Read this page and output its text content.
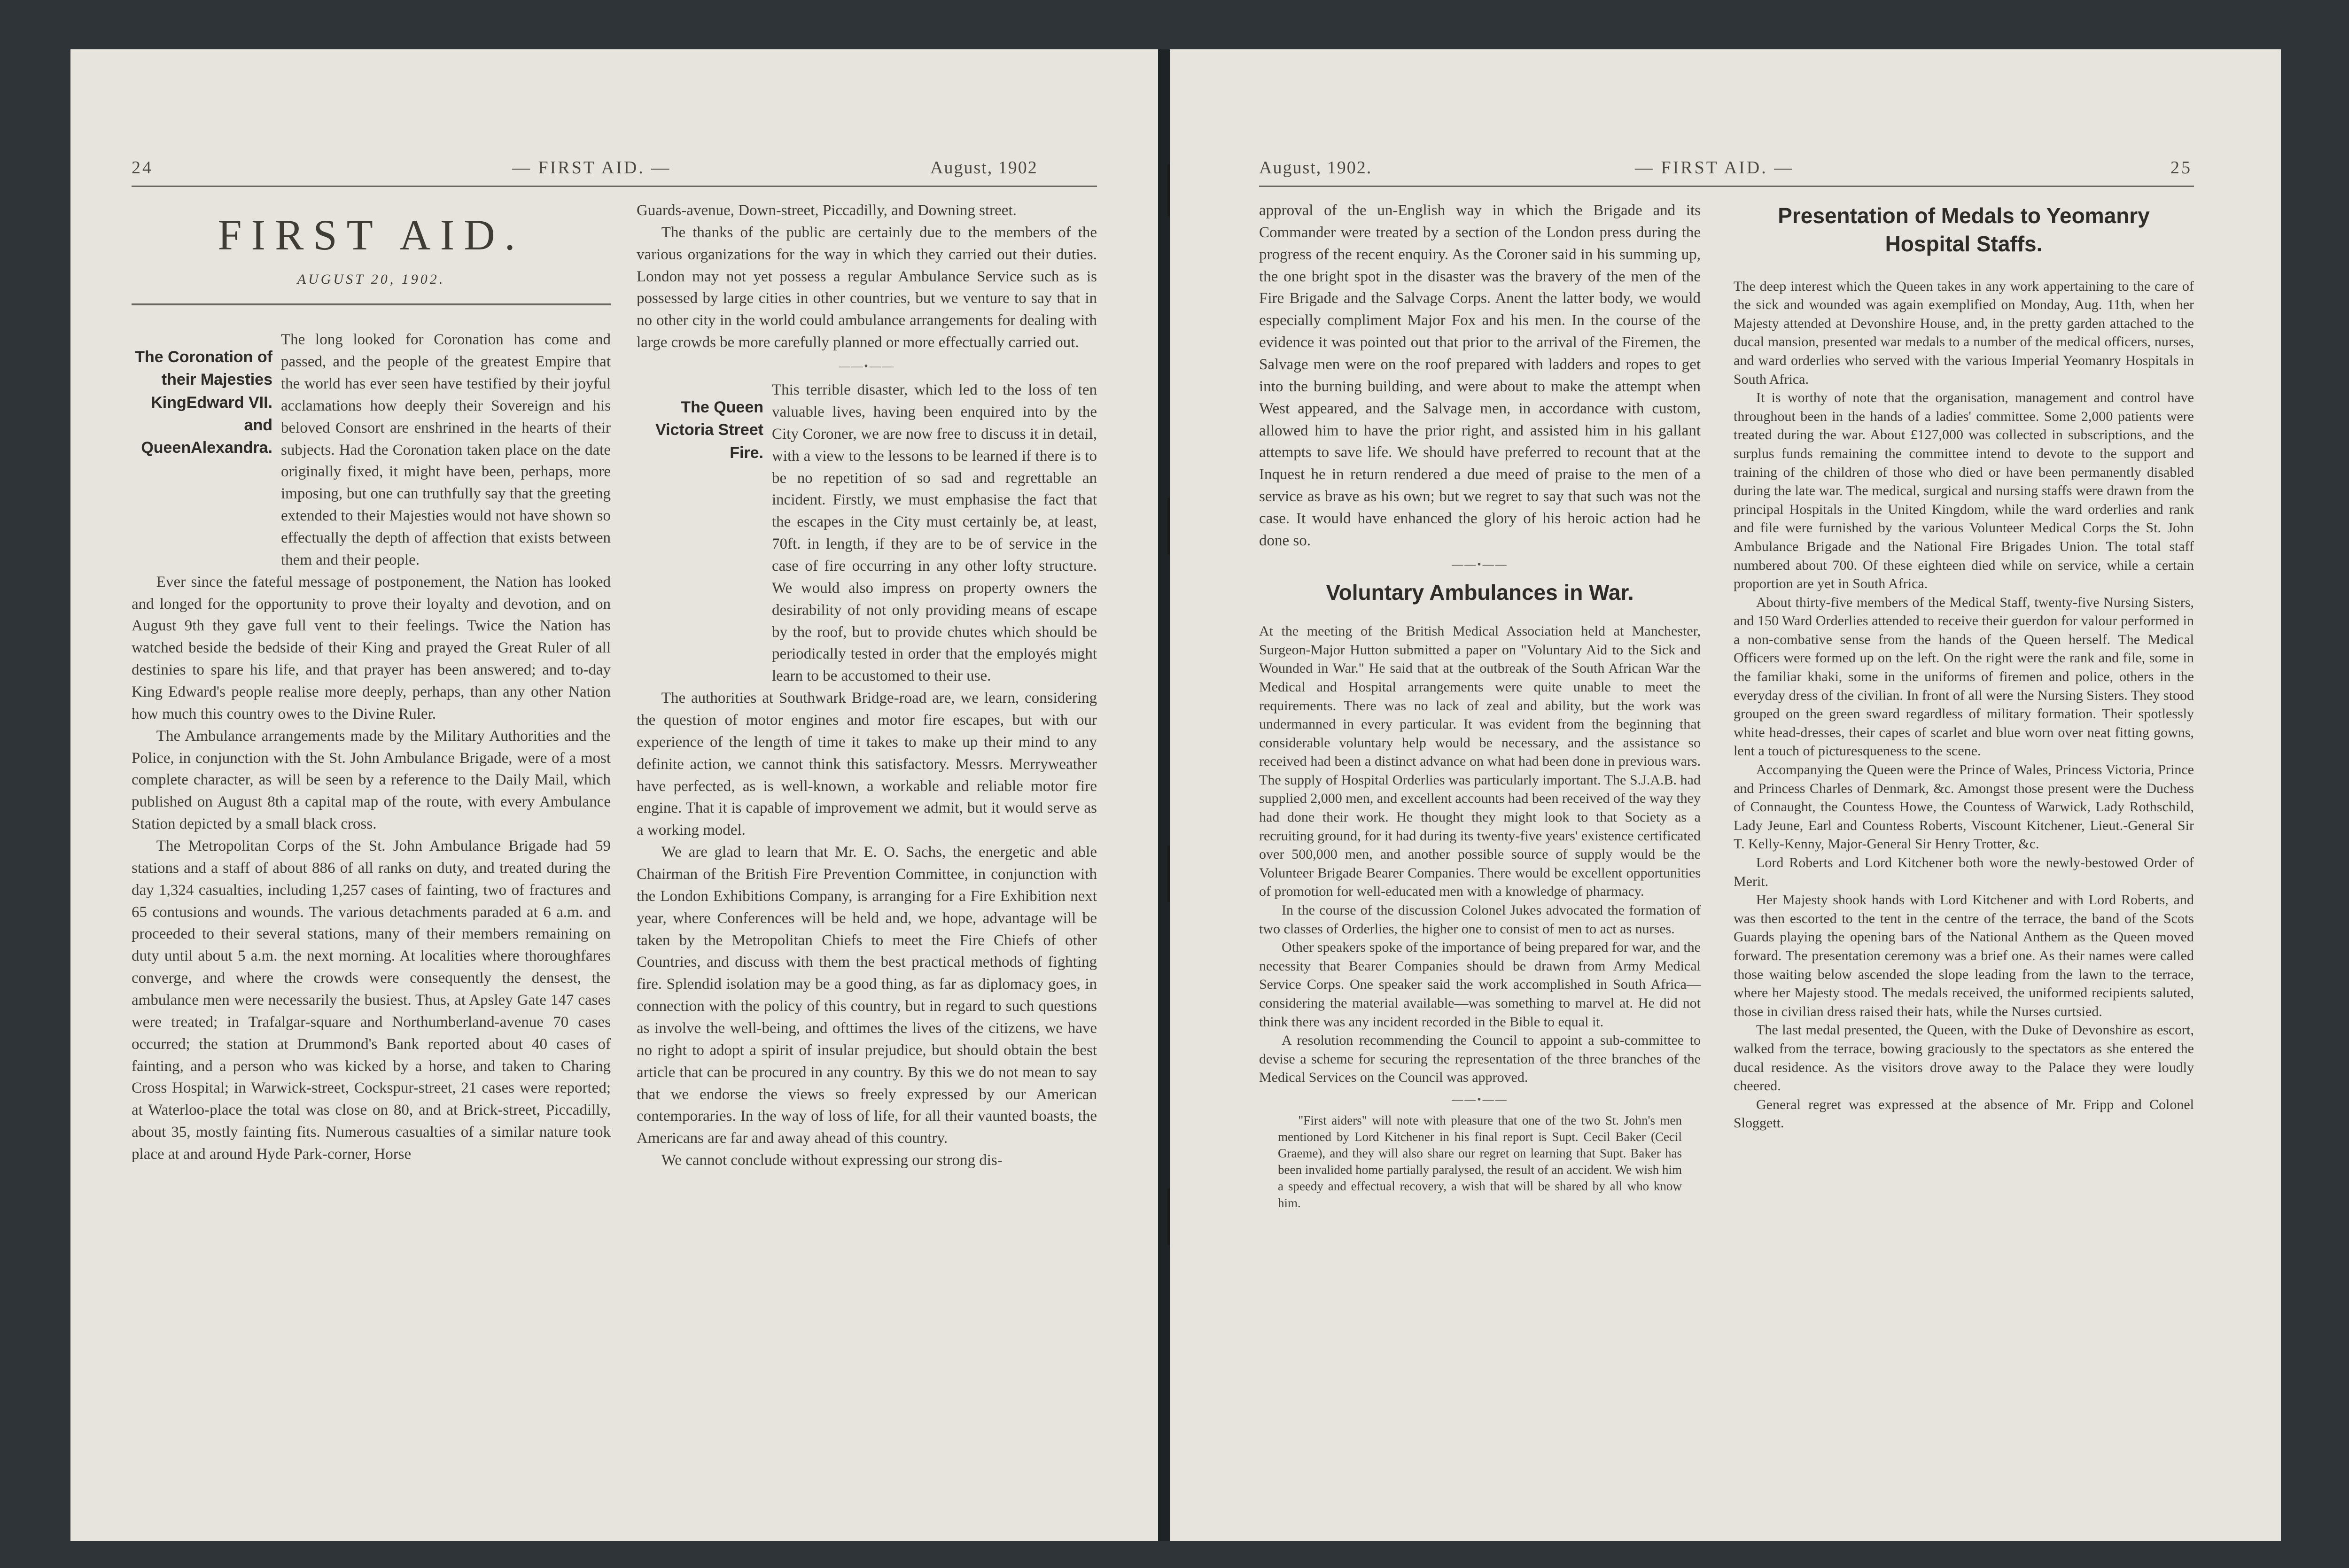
24	— FIRST AID. —	August, 1902
FIRST AID.
AUGUST 20, 1902.
The Coronation of their Majesties KingEdward VII. and QueenAlexandra.

The long looked for Coronation has come and passed, and the people of the greatest Empire that the world has ever seen have testified by their joyful acclamations how deeply their Sovereign and his beloved Consort are enshrined in the hearts of their subjects. Had the Coronation taken place on the date originally fixed, it might have been, perhaps, more imposing, but one can truthfully say that the greeting extended to their Majesties would not have shown so effectually the depth of affection that exists between them and their people.

Ever since the fateful message of postponement, the Nation has looked and longed for the opportunity to prove their loyalty and devotion, and on August 9th they gave full vent to their feelings. Twice the Nation has watched beside the bedside of their King and prayed the Great Ruler of all destinies to spare his life, and that prayer has been answered; and to-day King Edward's people realise more deeply, perhaps, than any other Nation how much this country owes to the Divine Ruler.

The Ambulance arrangements made by the Military Authorities and the Police, in conjunction with the St. John Ambulance Brigade, were of a most complete character, as will be seen by a reference to the Daily Mail, which published on August 8th a capital map of the route, with every Ambulance Station depicted by a small black cross.

The Metropolitan Corps of the St. John Ambulance Brigade had 59 stations and a staff of about 886 of all ranks on duty, and treated during the day 1,324 casualties, including 1,257 cases of fainting, two of fractures and 65 contusions and wounds. The various detachments paraded at 6 a.m. and proceeded to their several stations, many of their members remaining on duty until about 5 a.m. the next morning. At localities where thoroughfares converge, and where the crowds were consequently the densest, the ambulance men were necessarily the busiest. Thus, at Apsley Gate 147 cases were treated; in Trafalgar-square and Northumberland-avenue 70 cases occurred; the station at Drummond's Bank reported about 40 cases of fainting, and a person who was kicked by a horse, and taken to Charing Cross Hospital; in Warwick-street, Cockspur-street, 21 cases were reported; at Waterloo-place the total was close on 80, and at Brick-street, Piccadilly, about 35, mostly fainting fits. Numerous casualties of a similar nature took place at and around Hyde Park-corner, Horse

Guards-avenue, Down-street, Piccadilly, and Downing street.

The thanks of the public are certainly due to the members of the various organizations for the way in which they carried out their duties. London may not yet possess a regular Ambulance Service such as is possessed by large cities in other countries, but we venture to say that in no other city in the world could ambulance arrangements for dealing with large crowds be more carefully planned or more effectually carried out.

——•——
The Queen Victoria Street Fire.

This terrible disaster, which led to the loss of ten valuable lives, having been enquired into by the City Coroner, we are now free to discuss it in detail, with a view to the lessons to be learned if there is to be no repetition of so sad and regrettable an incident. Firstly, we must emphasise the fact that the escapes in the City must certainly be, at least, 70ft. in length, if they are to be of service in the case of fire occurring in any other lofty structure. We would also impress on property owners the desirability of not only providing means of escape by the roof, but to provide chutes which should be periodically tested in order that the employés might learn to be accustomed to their use.

The authorities at Southwark Bridge-road are, we learn, considering the question of motor engines and motor fire escapes, but with our experience of the length of time it takes to make up their mind to any definite action, we cannot think this satisfactory. Messrs. Merryweather have perfected, as is well-known, a workable and reliable motor fire engine. That it is capable of improvement we admit, but it would serve as a working model.

We are glad to learn that Mr. E. O. Sachs, the energetic and able Chairman of the British Fire Prevention Committee, in conjunction with the London Exhibitions Company, is arranging for a Fire Exhibition next year, where Conferences will be held and, we hope, advantage will be taken by the Metropolitan Chiefs to meet the Fire Chiefs of other Countries, and discuss with them the best practical methods of fighting fire. Splendid isolation may be a good thing, as far as diplomacy goes, in connection with the policy of this country, but in regard to such questions as involve the well-being, and ofttimes the lives of the citizens, we have no right to adopt a spirit of insular prejudice, but should obtain the best article that can be procured in any country. By this we do not mean to say that we endorse the views so freely expressed by our American contemporaries. In the way of loss of life, for all their vaunted boasts, the Americans are far and away ahead of this country.

We cannot conclude without expressing our strong dis-

August, 1902.	— FIRST AID. —	25

approval of the un-English way in which the Brigade and its Commander were treated by a section of the London press during the progress of the recent enquiry. As the Coroner said in his summing up, the one bright spot in the disaster was the bravery of the men of the Fire Brigade and the Salvage Corps. Anent the latter body, we would especially compliment Major Fox and his men. In the course of the evidence it was pointed out that prior to the arrival of the Firemen, the Salvage men were on the roof prepared with ladders and ropes to get into the burning building, and were about to make the attempt when West appeared, and the Salvage men, in accordance with custom, allowed him to have the prior right, and assisted him in his gallant attempts to save life. We should have preferred to recount that at the Inquest he in return rendered a due meed of praise to the men of a service as brave as his own; but we regret to say that such was not the case. It would have enhanced the glory of his heroic action had he done so.

——•——
Voluntary Ambulances in War.

At the meeting of the British Medical Association held at Manchester, Surgeon-Major Hutton submitted a paper on "Voluntary Aid to the Sick and Wounded in War." He said that at the outbreak of the South African War the Medical and Hospital arrangements were quite unable to meet the requirements. There was no lack of zeal and ability, but the work was undermanned in every particular. It was evident from the beginning that considerable voluntary help would be necessary, and the assistance so received had been a distinct advance on what had been done in previous wars. The supply of Hospital Orderlies was particularly important. The S.J.A.B. had supplied 2,000 men, and excellent accounts had been received of the way they had done their work. He thought they might look to that Society as a recruiting ground, for it had during its twenty-five years' existence certificated over 500,000 men, and another possible source of supply would be the Volunteer Brigade Bearer Companies. There would be excellent opportunities of promotion for well-educated men with a knowledge of pharmacy.

In the course of the discussion Colonel Jukes advocated the formation of two classes of Orderlies, the higher one to consist of men to act as nurses.

Other speakers spoke of the importance of being prepared for war, and the necessity that Bearer Companies should be drawn from Army Medical Service Corps. One speaker said the work accomplished in South Africa—considering the material available—was something to marvel at. He did not think there was any incident recorded in the Bible to equal it.

A resolution recommending the Council to appoint a sub-committee to devise a scheme for securing the representation of the three branches of the Medical Services on the Council was approved.

——•——

"First aiders" will note with pleasure that one of the two St. John's men mentioned by Lord Kitchener in his final report is Supt. Cecil Baker (Cecil Graeme), and they will also share our regret on learning that Supt. Baker has been invalided home partially paralysed, the result of an accident. We wish him a speedy and effectual recovery, a wish that will be shared by all who know him.

Presentation of Medals to Yeomanry Hospital Staffs.

The deep interest which the Queen takes in any work appertaining to the care of the sick and wounded was again exemplified on Monday, Aug. 11th, when her Majesty attended at Devonshire House, and, in the pretty garden attached to the ducal mansion, presented war medals to a number of the medical officers, nurses, and ward orderlies who served with the various Imperial Yeomanry Hospitals in South Africa.

It is worthy of note that the organisation, management and control have throughout been in the hands of a ladies' committee. Some 2,000 patients were treated during the war. About £127,000 was collected in subscriptions, and the surplus funds remaining the committee intend to devote to the support and training of the children of those who died or have been permanently disabled during the late war. The medical, surgical and nursing staffs were drawn from the principal Hospitals in the United Kingdom, while the ward orderlies and rank and file were furnished by the various Volunteer Medical Corps the St. John Ambulance Brigade and the National Fire Brigades Union. The total staff numbered about 700. Of these eighteen died while on service, while a certain proportion are yet in South Africa.

About thirty-five members of the Medical Staff, twenty-five Nursing Sisters, and 150 Ward Orderlies attended to receive their guerdon for valour performed in a non-combative sense from the hands of the Queen herself. The Medical Officers were formed up on the left. On the right were the rank and file, some in the familiar khaki, some in the uniforms of firemen and police, others in the everyday dress of the civilian. In front of all were the Nursing Sisters. They stood grouped on the green sward regardless of military formation. Their spotlessly white head-dresses, their capes of scarlet and blue worn over neat fitting gowns, lent a touch of picturesqueness to the scene.

Accompanying the Queen were the Prince of Wales, Princess Victoria, Prince and Princess Charles of Denmark, &c. Amongst those present were the Duchess of Connaught, the Countess Howe, the Countess of Warwick, Lady Rothschild, Lady Jeune, Earl and Countess Roberts, Viscount Kitchener, Lieut.-General Sir T. Kelly-Kenny, Major-General Sir Henry Trotter, &c.

Lord Roberts and Lord Kitchener both wore the newly-bestowed Order of Merit.

Her Majesty shook hands with Lord Kitchener and with Lord Roberts, and was then escorted to the tent in the centre of the terrace, the band of the Scots Guards playing the opening bars of the National Anthem as the Queen moved forward. The presentation ceremony was a brief one. As their names were called those waiting below ascended the slope leading from the lawn to the terrace, where her Majesty stood. The medals received, the uniformed recipients saluted, those in civilian dress raised their hats, while the Nurses curtsied.

The last medal presented, the Queen, with the Duke of Devonshire as escort, walked from the terrace, bowing graciously to the spectators as she entered the ducal residence. As the visitors drove away to the Palace they were loudly cheered.

General regret was expressed at the absence of Mr. Fripp and Colonel Sloggett.
